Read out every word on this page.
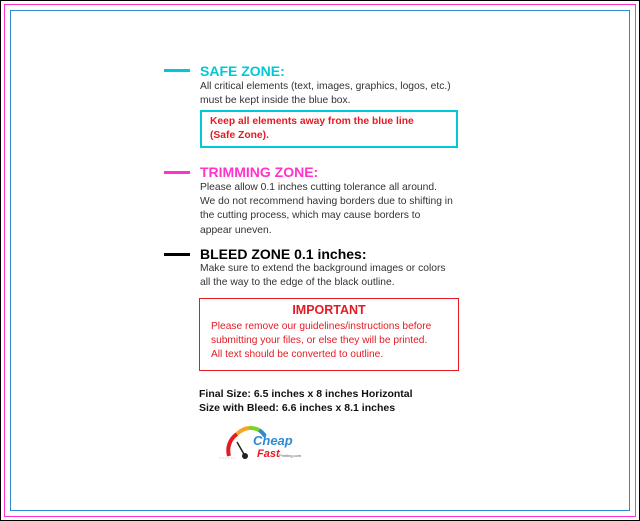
SAFE ZONE:
All critical elements (text, images, graphics, logos, etc.)
must be kept inside the blue box.
Keep all elements away from the blue line
(Safe Zone).
TRIMMING ZONE:
Please allow 0.1 inches cutting tolerance all around.
We do not recommend having borders due to shifting in
the cutting process, which may cause borders to
appear uneven.
BLEED ZONE 0.1 inches:
Make sure to extend the background images or colors
all the way to the edge of the black outline.
IMPORTANT
Please remove our guidelines/instructions before
submitting your files, or else they will be printed.
All text should be converted to outline.
Final Size: 6.5 inches x 8 inches Horizontal
Size with Bleed: 6.6 inches x 8.1 inches
Cheap
Fast Printing.com
